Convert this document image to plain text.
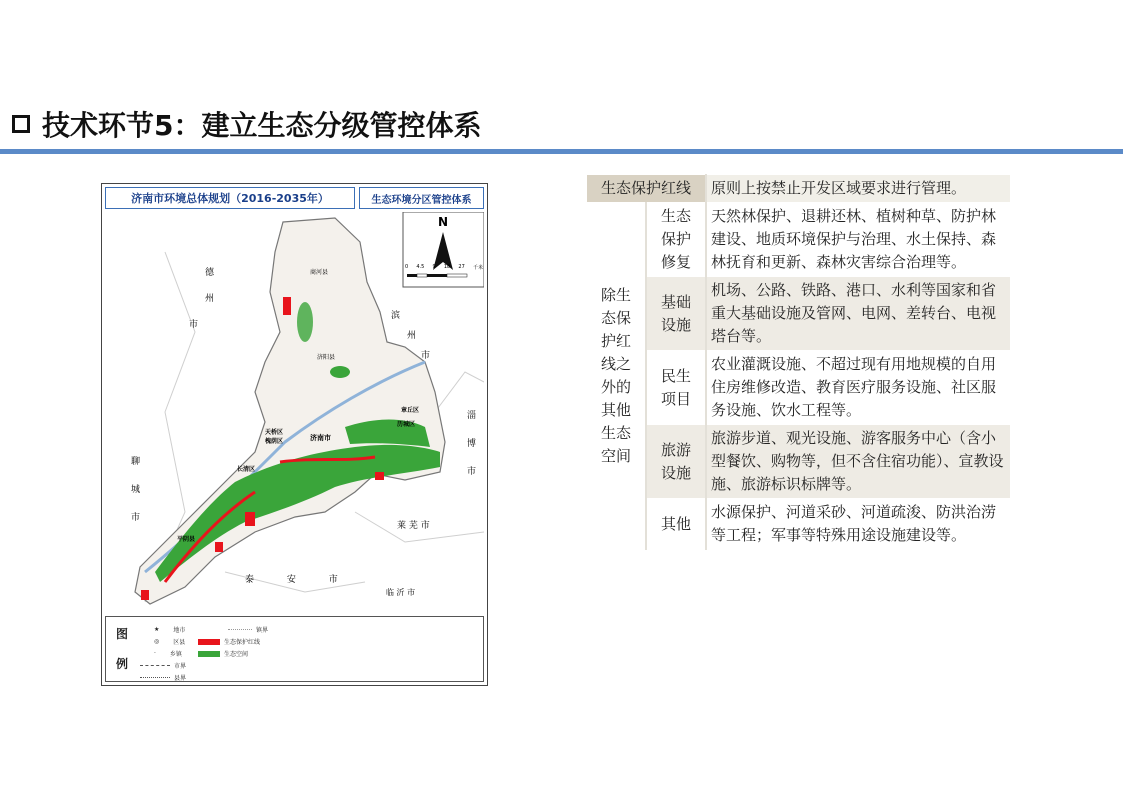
技术环节5：建立生态分级管控体系
济南市环境总体规划（2016-2035年）	生态环境分区管控体系
N
0 4.5 9 18 27 千米
德
州
市
滨
州
市
淄
博
市
聊
城
市
莱 芜 市
泰 安 市
临 沂 市
商河县
济阳县
天桥区
槐荫区
历城区
济南市
章丘区
长清区
平阴县
图
例
★ 地市
◎ 区县
· 乡镇
市界
县界
镇界
生态保护红线
生态空间
生态保护红线		原则上按禁止开发区域要求进行管理。

除生态保护红线之外的其他生态空间	生态保护修复	天然林保护、退耕还林、植树种草、防护林建设、地质环境保护与治理、水土保持、森林抚育和更新、森林灾害综合治理等。

	基础设施	机场、公路、铁路、港口、水利等国家和省重大基础设施及管网、电网、差转台、电视塔台等。

	民生项目	农业灌溉设施、不超过现有用地规模的自用住房维修改造、教育医疗服务设施、社区服务设施、饮水工程等。

	旅游设施	旅游步道、观光设施、游客服务中心（含小型餐饮、购物等，但不含住宿功能）、宣教设施、旅游标识标牌等。

	其他	水源保护、河道采砂、河道疏浚、防洪治涝等工程；军事等特殊用途设施建设等。
